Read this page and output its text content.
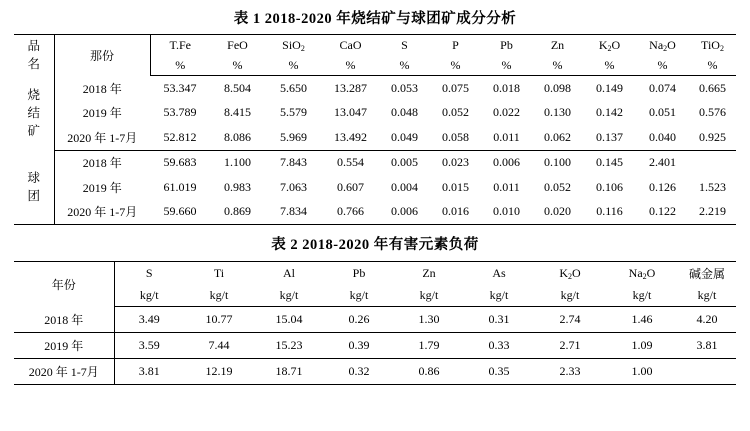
表 1 2018-2020 年烧结矿与球团矿成分分析
品
名	那份	T.Fe	FeO	SiO$_2$	CaO	S	P	Pb	Zn	$K_2O$	$Na_2O$	TiO$_2$
		%	%	%	%	%	%	%	%	%	%	%

烧
结
矿	2018 年	53.347	8.504	5.650	13.287	0.053	0.075	0.018	0.098	0.149	0.074	0.665
	2019 年	53.789	8.415	5.579	13.047	0.048	0.052	0.022	0.130	0.142	0.051	0.576
	2020 年 1-7月	52.812	8.086	5.969	13.492	0.049	0.058	0.011	0.062	0.137	0.040	0.925

球
团	2018 年	59.683	1.100	7.843	0.554	0.005	0.023	0.006	0.100	0.145	2.401	
	2019 年	61.019	0.983	7.063	0.607	0.004	0.015	0.011	0.052	0.106	0.126	1.523
	2020 年 1-7月	59.660	0.869	7.834	0.766	0.006	0.016	0.010	0.020	0.116	0.122	2.219
表 2 2018-2020 年有害元素负荷
年份	S	Ti	Al	Pb	Zn	As	$K_2O$	$Na_2O$	碱金属
	kg/t	kg/t	kg/t	kg/t	kg/t	kg/t	kg/t	kg/t	kg/t
2018 年	3.49	10.77	15.04	0.26	1.30	0.31	2.74	1.46	4.20
2019 年	3.59	7.44	15.23	0.39	1.79	0.33	2.71	1.09	3.81
2020 年 1-7月	3.81	12.19	18.71	0.32	0.86	0.35	2.33	1.00	
